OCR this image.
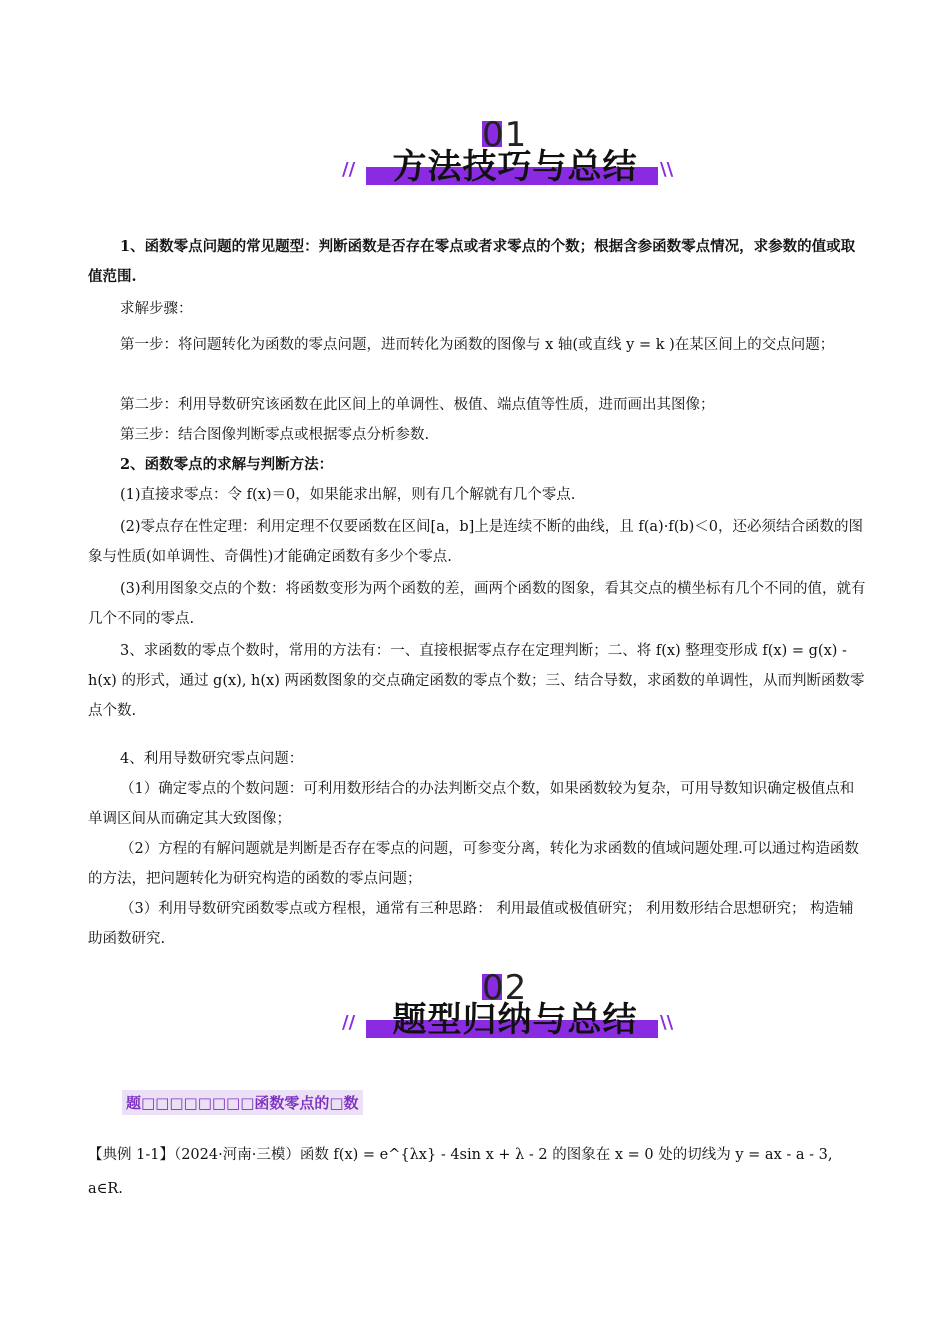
01
方法技巧与总结
//	\\
1、函数零点问题的常见题型：判断函数是否存在零点或者求零点的个数；根据含参函数零点情况，求参数的值或取值范围.
求解步骤：
第一步：将问题转化为函数的零点问题，进而转化为函数的图像与 x 轴(或直线 y = k )在某区间上的交点问题；
第二步：利用导数研究该函数在此区间上的单调性、极值、端点值等性质，进而画出其图像；
第三步：结合图像判断零点或根据零点分析参数.
2、函数零点的求解与判断方法：
(1)直接求零点：令 f(x)＝0，如果能求出解，则有几个解就有几个零点.
(2)零点存在性定理：利用定理不仅要函数在区间[a，b]上是连续不断的曲线，且 f(a)·f(b)＜0，还必须结合函数的图象与性质(如单调性、奇偶性)才能确定函数有多少个零点.
(3)利用图象交点的个数：将函数变形为两个函数的差，画两个函数的图象，看其交点的横坐标有几个不同的值，就有几个不同的零点.
3、求函数的零点个数时，常用的方法有：一、直接根据零点存在定理判断；二、将 f(x) 整理变形成 f(x) = g(x) - h(x) 的形式，通过 g(x), h(x) 两函数图象的交点确定函数的零点个数；三、结合导数，求函数的单调性，从而判断函数零点个数.
4、利用导数研究零点问题：
（1）确定零点的个数问题：可利用数形结合的办法判断交点个数，如果函数较为复杂，可用导数知识确定极值点和单调区间从而确定其大致图像；
（2）方程的有解问题就是判断是否存在零点的问题，可参变分离，转化为求函数的值域问题处理.可以通过构造函数的方法，把问题转化为研究构造的函数的零点问题；
（3）利用导数研究函数零点或方程根，通常有三种思路： 利用最值或极值研究； 利用数形结合思想研究； 构造辅助函数研究.
02
题型归纳与总结
//	\\
题□□□□□□□□函数零点的□数
【典例 1-1】（2024·河南·三模）函数 f(x) = e^{λx} - 4sin x + λ - 2 的图象在 x = 0 处的切线为 y = ax - a - 3, a∈R.
